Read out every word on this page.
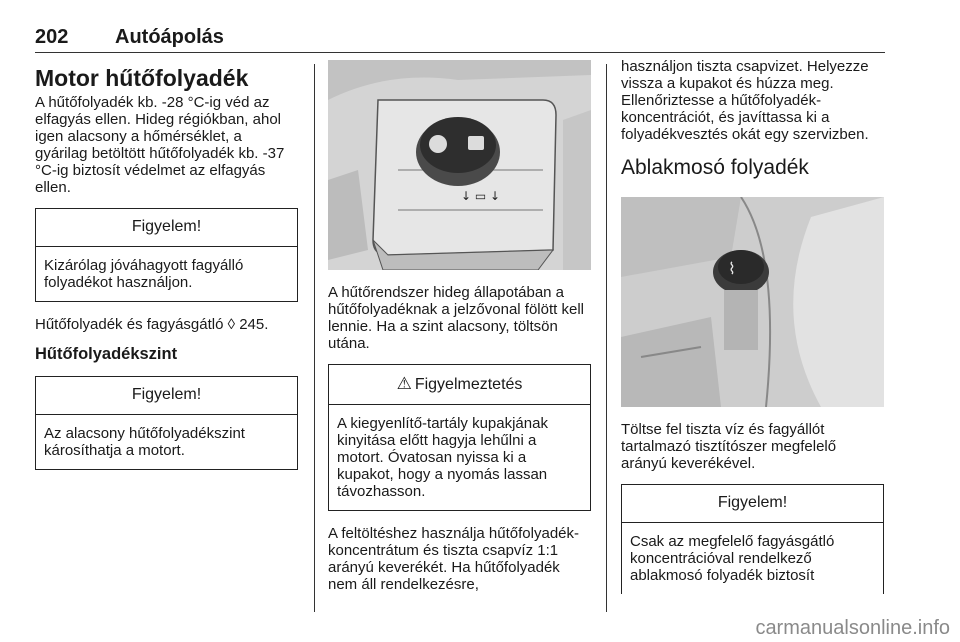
202 Autóápolás
Motor hűtőfolyadék

A hűtőfolyadék kb. -28 °C-ig véd az elfagyás ellen. Hideg régiókban, ahol igen alacsony a hőmérséklet, a gyárilag betöltött hűtőfolyadék kb. -37 °C-ig biztosít védelmet az elfagyás ellen.

Figyelem!
Kizárólag jóváhagyott fagyálló folyadékot használjon.

Hűtőfolyadék és fagyásgátló ◊ 245.

Hűtőfolyadékszint
Figyelem!
Az alacsony hűtőfolyadékszint károsíthatja a motort.
↓ ▭ ↓

A hűtőrendszer hideg állapotában a hűtőfolyadéknak a jelzővonal fölött kell lennie. Ha a szint alacsony, töltsön utána.

⚠ Figyelmeztetés
A kiegyenlítő-tartály kupakjának kinyitása előtt hagyja lehűlni a motort. Óvatosan nyissa ki a kupakot, hogy a nyomás lassan távozhasson.

A feltöltéshez használja hűtőfolyadék-koncentrátum és tiszta csapvíz 1:1 arányú keverékét. Ha hűtőfolyadék nem áll rendelkezésre,

használjon tiszta csapvizet. Helyezze vissza a kupakot és húzza meg. Ellenőriztesse a hűtőfolyadék-koncentrációt, és javíttassa ki a folyadékvesztés okát egy szervizben.

Ablakmosó folyadék
⌇

Töltse fel tiszta víz és fagyállót tartalmazó tisztítószer megfelelő arányú keverékével.

Figyelem!
Csak az megfelelő fagyásgátló koncentrációval rendelkező ablakmosó folyadék biztosít
carmanualsonline.info
